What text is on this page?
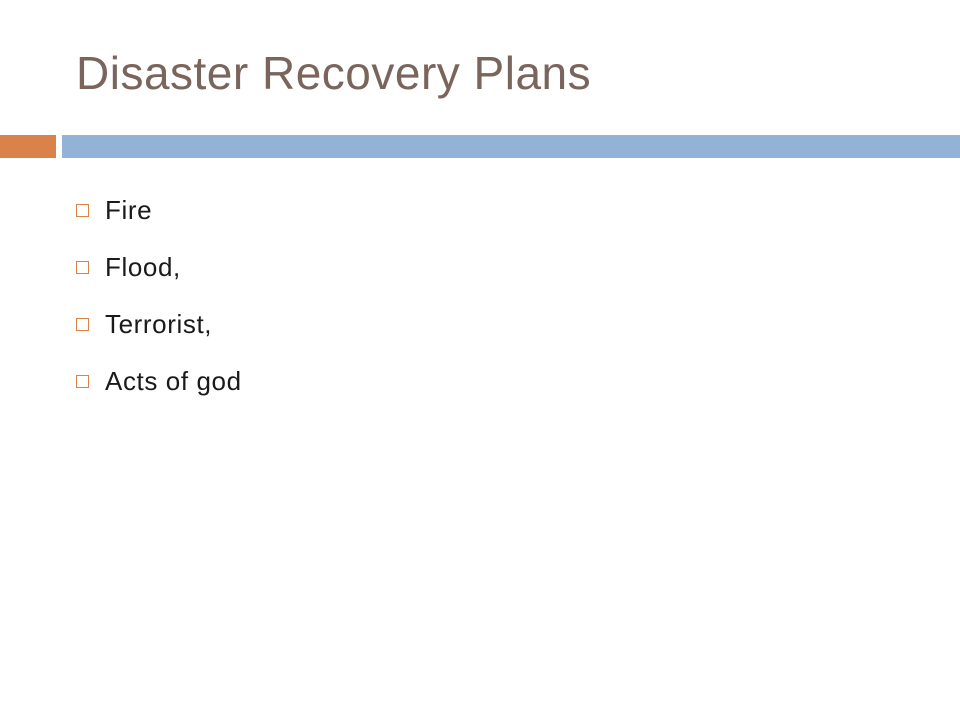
Disaster Recovery Plans
Fire
Flood,
Terrorist,
Acts of god
